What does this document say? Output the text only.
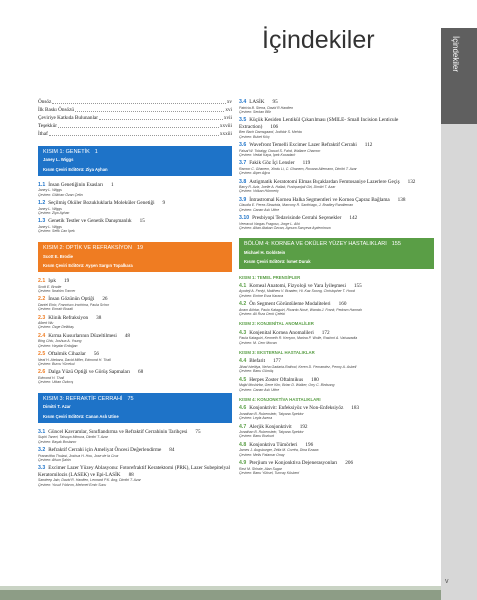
İçindekiler	İçindekiler
v
Önsöz	xv
İlk Baskı Önsözü	xvi
Çeviriye Katkıda Bulunanlar	xvii
Teşekkür	xxviii
İthaf	xxxiii
KISIM 1: GENETİK 1
Janey L. Wiggs
Kısım Çeviri Editörü: Ziya Ayhan
1.1 İnsan Genetiğinin Esasları 1
Janey L. Wiggs
Çeviren: Gökhan Özan Çetin
1.2 Seçilmiş Oküler Bozukluklarla Moleküler Genetiği 9
Janey L. Wiggs
Çeviren: Ziya Ayhan
1.3 Genetik Testler ve Genetik Danışmanlık 15
Janey L. Wiggs
Çeviren: Sefik Can İpek
KISIM 2: OPTİK VE REFRAKSİYON 19
Scott E. Brodie
Kısım Çeviri Editörü: Ayşen Sargın Topalkara
2.1 Işık 19
Scott E. Brodie
Çeviren: İbrahim Toncer
2.2 İnsan Gözünün Optiği 26
Daniel Elnic, Francisco Irochima, Paula Schor
Çeviren: Emrah Bozali
2.3 Klinik Refraksiyon 38
Albert Wu
Çeviren: Özge Deliktaş
2.4 Kırma Kusurlarının Düzeltilmesi 48
Bing Chiu, Joshua A. Young
Çeviren: Haydar Erdoğan
2.5 Oftalmik Cihazlar 56
Neal H. Atebara, David Miller, Edmond H. Thall
Çeviren: Burcu Yücekul
2.6 Dalga Yüzü Optiği ve Görüş Sapmaları 68
Edmond H. Thall
Çeviren: Utkan Özkırış
KISIM 3: REFRAKTİF CERRAHİ 75
Dimitri T. Azar
Kısım Çeviri Editörü: Canan Aslı Utine
3.1 Güncel Kavramlar, Sınıflandırma ve Refraktif Cerrahinin Tarihçesi 75
Suphi Taneri, Tatsuya Mimura, Dimitri T. Azar
Çeviren: Başak Bostancı
3.2 Refraktif Cerrahi için Ameliyat Öncesi Değerlendirme 84
Pranavitha Thulasi, Joshua H. Hou, Jose de la Cruz
Çeviren: Afsun Şahin
3.3 Excimer Lazer Yüzey Ablasyonu: Fotorefraktif Keratektomi (PRK), Lazer Subepitelyal Keratomilozis (LASEK) ve Epi-LASİK 88
Sandeep Jain, David R. Hardten, Leonard P.K. Ang, Dimitri T. Azar
Çeviren: Yusuf Yıldırım, Mehmet Emin Sucu
3.4 LASİK 95
Patricia B. Sierra, David R.Hardten
Çeviren: Serkan Bilir
3.5 Küçük Kesiden Lentikül Çıkarılması (SMILE- Small Incision Lenticule Extraction) 106
Ben Bach Damsgaard, Jodhbir S. Mehta
Çeviren: Buket Kılıç
3.6 Wavefront Temelli Excimer Lazer Refraktif Cerrahi 112
Faisal W. Tobaigy, Daoud S. Fahd, Wallace Chamon
Çeviren: Vedat Kaya, İpek Kocadarlı
3.7 Fakik Göz İçi Lensler 119
Ramon C. Ghanem, Xindu Li, C. Ghanem, Roxana Allemann, Dimitri T. Azar
Çeviren: Alper Ağca
3.8 Astigmatik Keratotomi Elmas Bıçaklardan Femtosaniye Lazerlere Geçiş 132
Barry R. Aziz, Joelle A. Hallak, Pushpanjali Giri, Dimitri T. Azar
Çeviren: Volkan Hürmeriç
3.9 İntrastromal Kornea Halka Segmentleri ve Kornea Çapraz Bağlama 138
Claudia E. Perez-Straziota, Marcony R. Santhiago, J. Bradley Randleman
Çeviren: Canan Aslı Utine
3.10 Presbiyopi Tedavisinde Cerrahi Seçenekler 142
Veeravut Vargas Fragoso, Jorge L. Alió
Çeviren: Altan Atakan Özcan, Aynura Sarıyeva Aydemirova
BÖLÜM 4: KORNEA VE OKÜLER YÜZEY HASTALIKLARI 155
Michael H. Goldstein
Kısım Çeviri Editörü: İsmet Durak
KISIM 1: TEMEL PRENSİPLER
4.1 Korneal Anatomi, Fizyoloji ve Yara İyileşmesi 155
Ayodeji A. Feniyi, Matthew V. Braaten, Hi. Kaz Soong, Christopher T. Hood
Çeviren: Emine Esra Karaca
4.2 Ön Segment Görüntüleme Modaliteleri 160
Anam Akhtar, Paulo Kataguiri, Ricardo Nosé, Wanda J. Frank, Pedram Hamrah
Çeviren: Ali Rıza Cenk Çelebi
KISIM 2: KONJENİTAL ANOMALİLER
4.3 Konjenital Kornea Anomalileri 172
Paula Kataguiri, Kenneth R. Kenyon, Marina P. Wolle, Rashmi A. Vaisavadia
Çeviren: M. Cem Mocan
KISIM 3: EKSTERNAL HASTALIKLAR
4.4 Blefarit 177
Jihad Isteitiya, Neha Gadaria-Rathod, Keren D. Fernandez, Penny A. Asbell
Çeviren: Banu Gümüş
4.5 Herpes Zoster Oftalmikus 180
Majid Moshirfar, Gene Kim, Brian D. Walker, Orry C. Birdsong
Çeviren: Canan Aslı Utine
KISIM 4: KONJONKTİVA HASTALIKLARI
4.6 Konjonktivit: Enfeksiyöz ve Non-Enfeksiyöz 183
Jonathan B. Rubenstein, Tatyana Spektor
Çeviren: Leyla Asena
4.7 Alerjik Konjonktivit 192
Jonathan B. Rubenstein, Tatyana Spektor
Çeviren: Banu Bozkurt
4.8 Konjonktiva Tümörleri 196
James J. Augsburger, Zélia M. Corrêa, Dina Ezawa
Çeviren: Melis Palamar Onay
4.9 Pterjium ve Konjonktiva Dejenerasyonları 206
Ravi M. Shhaie, Alan Sugar
Çeviren: Banu Yüksel, Tuncay Küsbeci
